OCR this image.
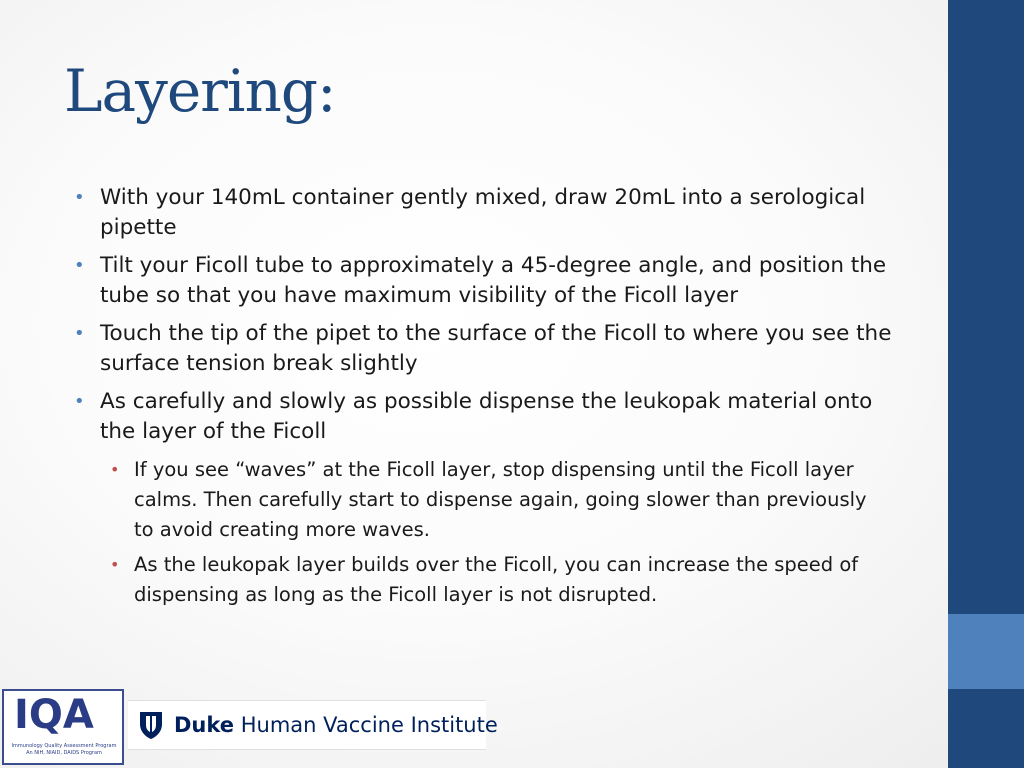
Layering:
• With your 140mL container gently mixed, draw 20mL into a serological pipette
• Tilt your Ficoll tube to approximately a 45-degree angle, and position the tube so that you have maximum visibility of the Ficoll layer
• Touch the tip of the pipet to the surface of the Ficoll to where you see the surface tension break slightly
• As carefully and slowly as possible dispense the leukopak material onto the layer of the Ficoll
• If you see “waves” at the Ficoll layer, stop dispensing until the Ficoll layer calms. Then carefully start to dispense again, going slower than previously to avoid creating more waves.
• As the leukopak layer builds over the Ficoll, you can increase the speed of dispensing as long as the Ficoll layer is not disrupted.
IQA
Immunology Quality Assessment Program
An NIH, NIAID, DAIDS Program
Duke Human Vaccine Institute
